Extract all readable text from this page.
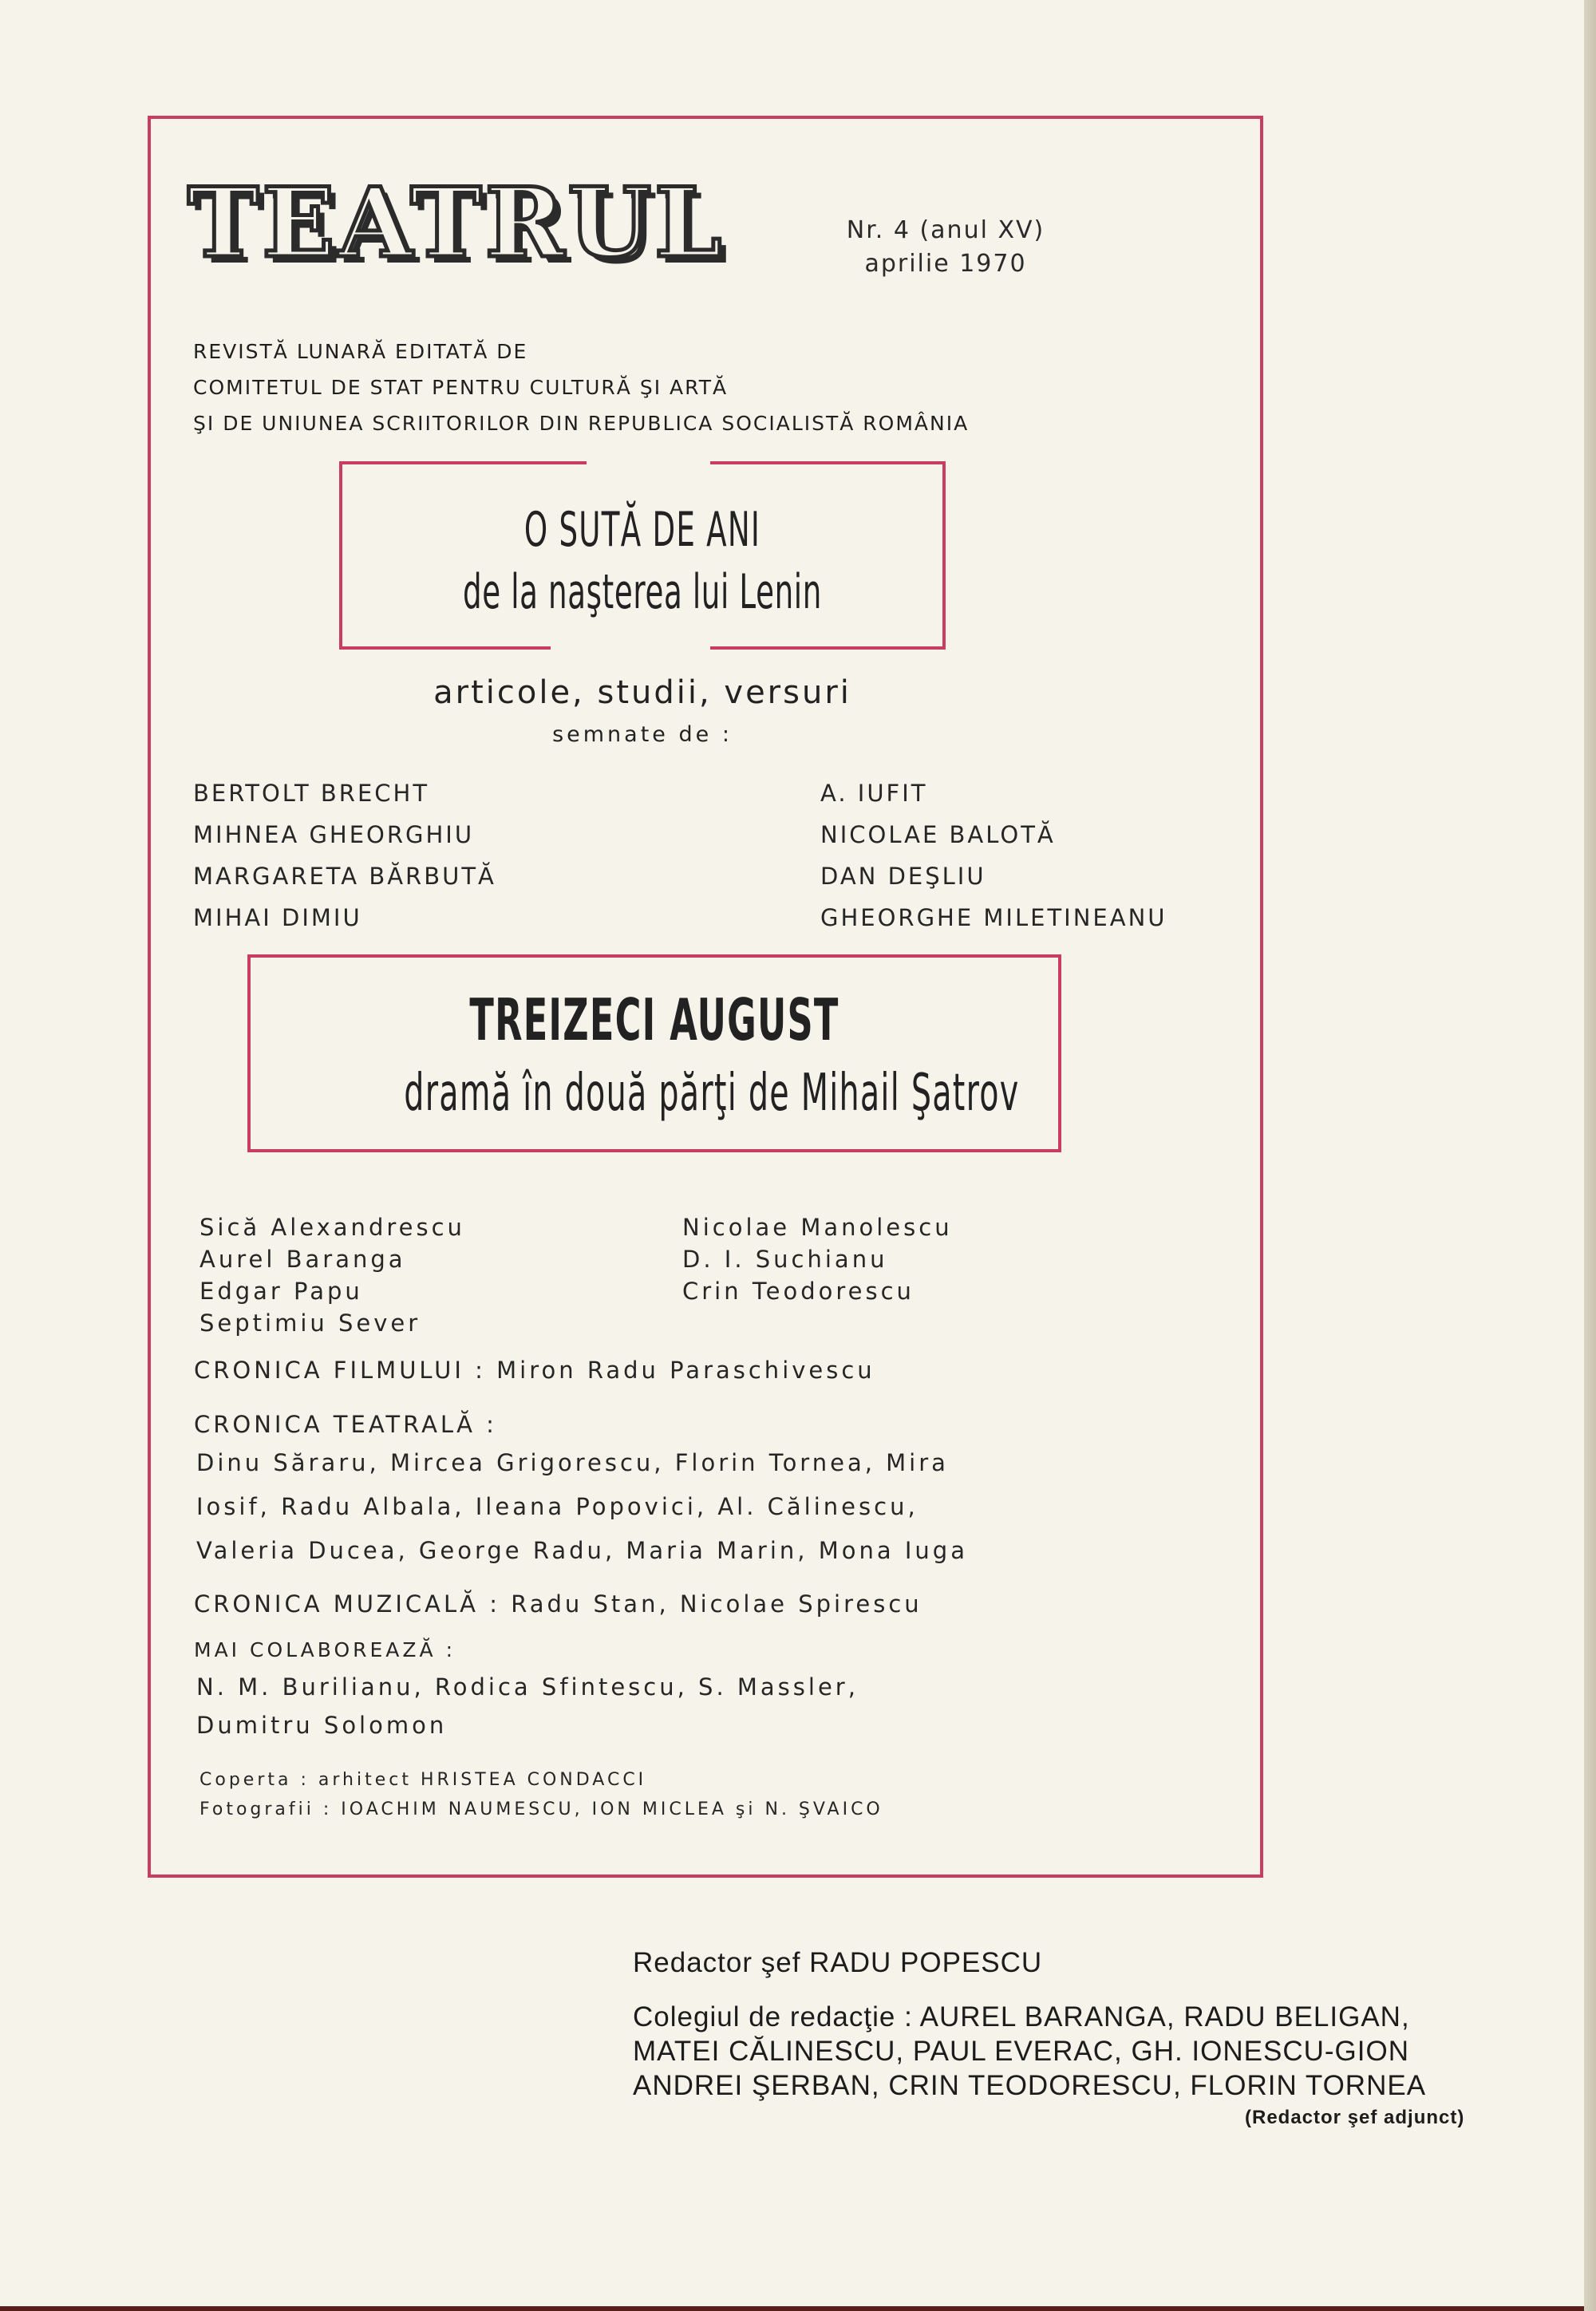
TEATRUL	Nr. 4 (anul XV)
aprilie 1970
REVISTĂ LUNARĂ EDITATĂ DE
COMITETUL DE STAT PENTRU CULTURĂ ŞI ARTĂ
ŞI DE UNIUNEA SCRIITORILOR DIN REPUBLICA SOCIALISTĂ ROMÂNIA
O SUTĂ DE ANI
de la naşterea lui Lenin
articole, studii, versuri
semnate de :
BERTOLT BRECHT
MIHNEA GHEORGHIU
MARGARETA BĂRBUTĂ
MIHAI DIMIU
A. IUFIT
NICOLAE BALOTĂ
DAN DEŞLIU
GHEORGHE MILETINEANU
TREIZECI AUGUST
dramă în două părţi de Mihail Şatrov
Sică Alexandrescu
Aurel Baranga
Edgar Papu
Septimiu Sever
Nicolae Manolescu
D. I. Suchianu
Crin Teodorescu
CRONICA FILMULUI : Miron Radu Paraschivescu
CRONICA TEATRALĂ :
Dinu Săraru, Mircea Grigorescu, Florin Tornea, Mira
Iosif, Radu Albala, Ileana Popovici, Al. Călinescu,
Valeria Ducea, George Radu, Maria Marin, Mona Iuga
CRONICA MUZICALĂ : Radu Stan, Nicolae Spirescu
MAI COLABOREAZĂ :
N. M. Burilianu, Rodica Sfintescu, S. Massler,
Dumitru Solomon
Coperta : arhitect HRISTEA CONDACCI
Fotografii : IOACHIM NAUMESCU, ION MICLEA şi N. ŞVAICO
Redactor şef RADU POPESCU
Colegiul de redacţie : AUREL BARANGA, RADU BELIGAN,
MATEI CĂLINESCU, PAUL EVERAC, GH. IONESCU-GION
ANDREI ŞERBAN, CRIN TEODORESCU, FLORIN TORNEA
(Redactor şef adjunct)
